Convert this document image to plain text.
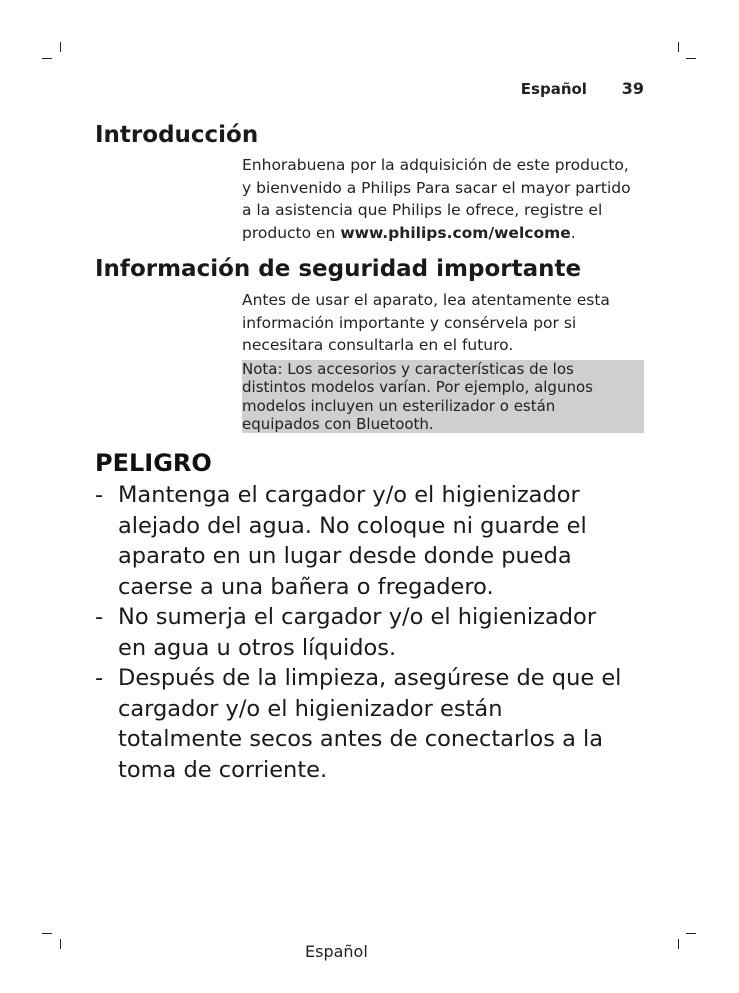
Español 39
Introducción
Enhorabuena por la adquisición de este producto,
y bienvenido a Philips Para sacar el mayor partido
a la asistencia que Philips le ofrece, registre el
producto en www.philips.com/welcome.
Información de seguridad importante
Antes de usar el aparato, lea atentamente esta
información importante y consérvela por si
necesitara consultarla en el futuro.
Nota: Los accesorios y características de los
distintos modelos varían. Por ejemplo, algunos
modelos incluyen un esterilizador o están
equipados con Bluetooth.
PELIGRO
- Mantenga el cargador y/o el higienizador
alejado del agua. No coloque ni guarde el
aparato en un lugar desde donde pueda
caerse a una bañera o fregadero.
- No sumerja el cargador y/o el higienizador
en agua u otros líquidos.
- Después de la limpieza, asegúrese de que el
cargador y/o el higienizador están
totalmente secos antes de conectarlos a la
toma de corriente.
Español
